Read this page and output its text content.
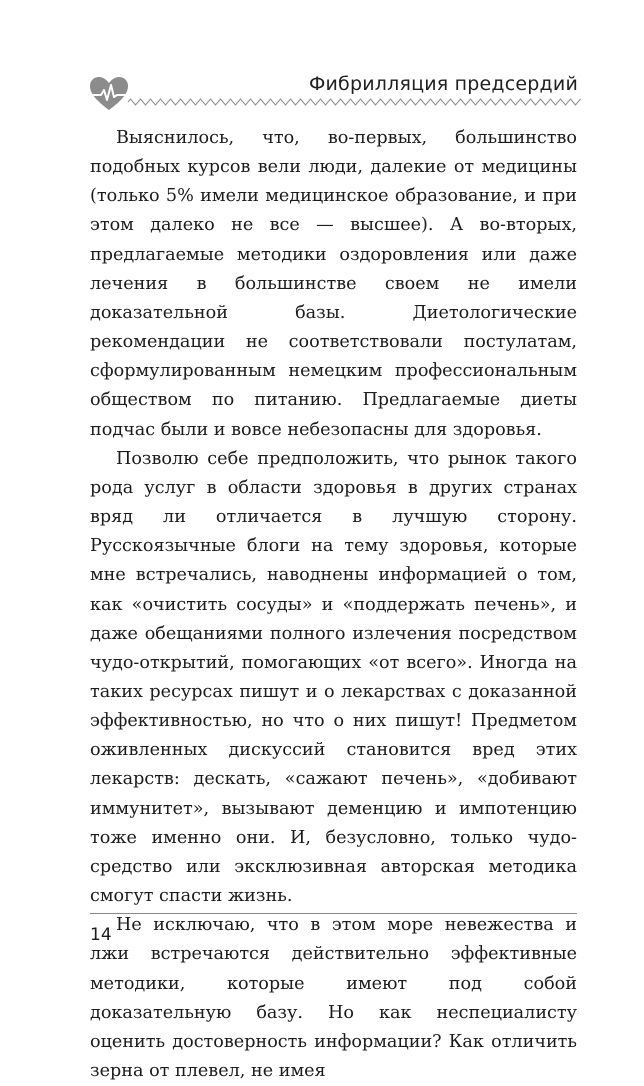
Фибрилляция предсердий

Выяснилось, что, во-первых, большинство подобных курсов вели люди, далекие от медицины (только 5% имели медицинское образование, и при этом далеко не все — высшее). А во-вторых, предлагаемые методики оздоровления или даже лечения в большинстве своем не имели доказательной базы. Диетологические рекомендации не соответствовали постулатам, сформулированным немецким профессиональным обществом по питанию. Предлагаемые диеты подчас были и вовсе небезопасны для здоровья.

Позволю себе предположить, что рынок такого рода услуг в области здоровья в других странах вряд ли отличается в лучшую сторону. Русскоязычные блоги на тему здоровья, которые мне встречались, наводнены информацией о том, как «очистить сосуды» и «поддержать печень», и даже обещаниями полного излечения посредством чудо-открытий, помогающих «от всего». Иногда на таких ресурсах пишут и о лекарствах с доказанной эффективностью, но что о них пишут! Предметом оживленных дискуссий становится вред этих лекарств: дескать, «сажают печень», «добивают иммунитет», вызывают деменцию и импотенцию тоже именно они. И, безусловно, только чудо-средство или эксклюзивная авторская методика смогут спасти жизнь.

Не исключаю, что в этом море невежества и лжи встречаются действительно эффективные методики, которые имеют под собой доказательную базу. Но как неспециалисту оценить достоверность информации? Как отличить зерна от плевел, не имея

14
